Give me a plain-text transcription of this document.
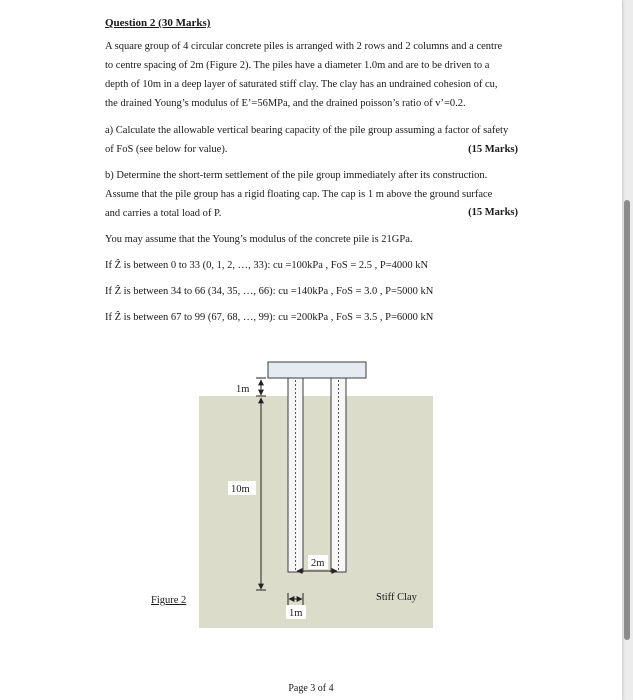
Question 2 (30 Marks)
A square group of 4 circular concrete piles is arranged with 2 rows and 2 columns and a centre
to centre spacing of 2m (Figure 2). The piles have a diameter 1.0m and are to be driven to a
depth of 10m in a deep layer of saturated stiff clay. The clay has an undrained cohesion of cu,
the drained Young’s modulus of E’=56MPa, and the drained poisson’s ratio of v’=0.2.
a) Calculate the allowable vertical bearing capacity of the pile group assuming a factor of safety
of FoS (see below for value).	(15 Marks)
b) Determine the short-term settlement of the pile group immediately after its construction.
Assume that the pile group has a rigid floating cap. The cap is 1 m above the ground surface
and carries a total load of P.	(15 Marks)
You may assume that the Young’s modulus of the concrete pile is 21GPa.
If Ẑ is between 0 to 33 (0, 1, 2, …, 33): cu =100kPa , FoS = 2.5 , P=4000 kN
If Ẑ is between 34 to 66 (34, 35, …, 66): cu =140kPa , FoS = 3.0 , P=5000 kN
If Ẑ is between 67 to 99 (67, 68, …, 99): cu =200kPa , FoS = 3.5 , P=6000 kN
1m
10m
2m
1m
Stiff Clay
Figure 2
Page 3 of 4
